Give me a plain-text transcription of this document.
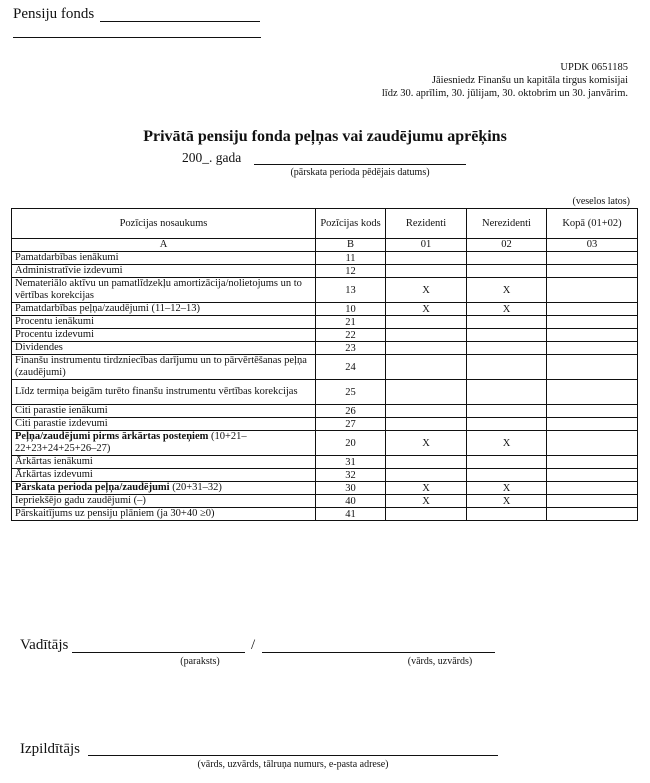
Pensiju fonds
UPDK 0651185
Jāiesniedz Finanšu un kapitāla tirgus komisijai
līdz 30. aprīlim, 30. jūlijam, 30. oktobrim un 30. janvārim.
Privātā pensiju fonda peļņas vai zaudējumu aprēķins
200_. gada
(pārskata perioda pēdējais datums)
(veselos latos)
Pozīcijas nosaukums	Pozīcijas kods	Rezidenti	Nerezidenti	Kopā (01+02)
A	B	01	02	03
Pamatdarbības ienākumi	11			
Administratīvie izdevumi	12			
Nemateriālo aktīvu un pamatlīdzekļu amortizācija/nolietojums un to vērtības korekcijas	13	X	X	
Pamatdarbības peļņa/zaudējumi (11–12–13)	10	X	X	
Procentu ienākumi	21			
Procentu izdevumi	22			
Dividendes	23			
Finanšu instrumentu tirdzniecības darījumu un to pārvērtēšanas peļņa (zaudējumi)	24			
Līdz termiņa beigām turēto finanšu instrumentu vērtības korekcijas	25			
Citi parastie ienākumi	26			
Citi parastie izdevumi	27			
Peļņa/zaudējumi pirms ārkārtas posteņiem (10+21–22+23+24+25+26–27)	20	X	X	
Ārkārtas ienākumi	31			
Ārkārtas izdevumi	32			
Pārskata perioda peļņa/zaudējumi (20+31–32)	30	X	X	
Iepriekšējo gadu zaudējumi (–)	40	X	X	
Pārskaitījums uz pensiju plāniem (ja 30+40 ≥0)	41			
Vadītājs	/
(paraksts)	(vārds, uzvārds)
Izpildītājs
(vārds, uzvārds, tālruņa numurs, e-pasta adrese)
